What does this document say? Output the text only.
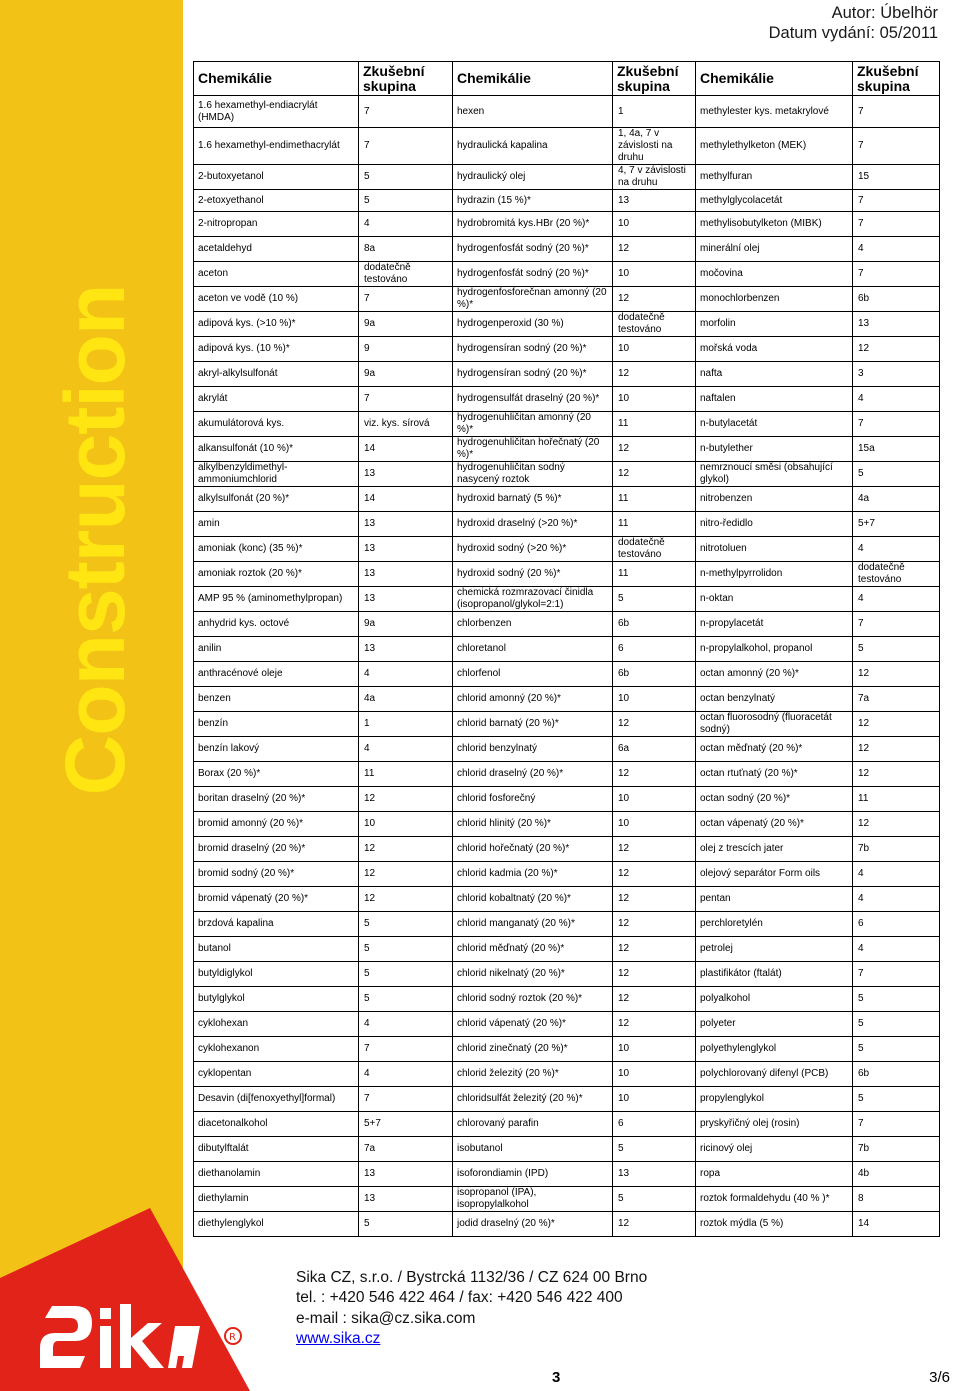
Construction
R
Autor: Úbelhör
Datum vydání: 05/2011
Chemikálie	Zkušební skupina	Chemikálie	Zkušební skupina	Chemikálie	Zkušební skupina
1.6 hexamethyl-endiacrylát (HMDA)	7	hexen	1	methylester kys. metakrylové	7
1.6 hexamethyl-endimethacrylát	7	hydraulická kapalina	1, 4a, 7 v závislosti na druhu	methylethylketon (MEK)	7
2-butoxyetanol	5	hydraulický olej	4, 7 v závislosti na druhu	methylfuran	15
2-etoxyethanol	5	hydrazin (15 %)*	13	methylglycolacetát	7
2-nitropropan	4	hydrobromitá kys.HBr (20 %)*	10	methylisobutylketon (MIBK)	7
acetaldehyd	8a	hydrogenfosfát sodný (20 %)*	12	minerální olej	4
aceton	dodatečně testováno	hydrogenfosfát sodný (20 %)*	10	močovina	7
aceton ve vodě (10 %)	7	hydrogenfosforečnan amonný (20 %)*	12	monochlorbenzen	6b
adipová kys. (>10 %)*	9a	hydrogenperoxid (30 %)	dodatečně testováno	morfolin	13
adipová kys. (10 %)*	9	hydrogensíran sodný (20 %)*	10	mořská voda	12
akryl-alkylsulfonát	9a	hydrogensíran sodný (20 %)*	12	nafta	3
akrylát	7	hydrogensulfát draselný (20 %)*	10	naftalen	4
akumulátorová kys.	viz. kys. sírová	hydrogenuhličitan amonný (20 %)*	11	n-butylacetát	7
alkansulfonát (10 %)*	14	hydrogenuhličitan hořečnatý (20 %)*	12	n-butylether	15a
alkylbenzyldimethyl-ammoniumchlorid	13	hydrogenuhličitan sodný nasycený roztok	12	nemrznoucí směsi (obsahující glykol)	5
alkylsulfonát (20 %)*	14	hydroxid barnatý (5 %)*	11	nitrobenzen	4a
amin	13	hydroxid draselný (>20 %)*	11	nitro-ředidlo	5+7
amoniak (konc) (35 %)*	13	hydroxid sodný (>20 %)*	dodatečně testováno	nitrotoluen	4
amoniak roztok (20 %)*	13	hydroxid sodný (20 %)*	11	n-methylpyrrolidon	dodatečně testováno
AMP 95 % (aminomethylpropan)	13	chemická rozmrazovací činidla (isopropanol/glykol=2:1)	5	n-oktan	4
anhydrid kys. octové	9a	chlorbenzen	6b	n-propylacetát	7
anilin	13	chloretanol	6	n-propylalkohol, propanol	5
anthracénové oleje	4	chlorfenol	6b	octan amonný (20 %)*	12
benzen	4a	chlorid amonný (20 %)*	10	octan benzylnatý	7a
benzín	1	chlorid barnatý (20 %)*	12	octan fluorosodný (fluoracetát sodný)	12
benzín lakový	4	chlorid benzylnatý	6a	octan měďnatý (20 %)*	12
Borax (20 %)*	11	chlorid draselný (20 %)*	12	octan rtuťnatý (20 %)*	12
boritan draselný (20 %)*	12	chlorid fosforečný	10	octan sodný (20 %)*	11
bromid amonný (20 %)*	10	chlorid hlinitý (20 %)*	10	octan vápenatý (20 %)*	12
bromid draselný (20 %)*	12	chlorid hořečnatý (20 %)*	12	olej z trescích jater	7b
bromid sodný (20 %)*	12	chlorid kadmia (20 %)*	12	olejový separátor Form oils	4
bromid vápenatý (20 %)*	12	chlorid kobaltnatý (20 %)*	12	pentan	4
brzdová kapalina	5	chlorid manganatý (20 %)*	12	perchloretylén	6
butanol	5	chlorid měďnatý (20 %)*	12	petrolej	4
butyldiglykol	5	chlorid nikelnatý (20 %)*	12	plastifikátor (ftalát)	7
butylglykol	5	chlorid sodný roztok (20 %)*	12	polyalkohol	5
cyklohexan	4	chlorid vápenatý (20 %)*	12	polyeter	5
cyklohexanon	7	chlorid zinečnatý (20 %)*	10	polyethylenglykol	5
cyklopentan	4	chlorid železitý (20 %)*	10	polychlorovaný difenyl (PCB)	6b
Desavin (di[fenoxyethyl]formal)	7	chloridsulfát železitý (20 %)*	10	propylenglykol	5
diacetonalkohol	5+7	chlorovaný parafin	6	pryskyřičný olej (rosin)	7
dibutylftalát	7a	isobutanol	5	ricinový olej	7b
diethanolamin	13	isoforondiamin (IPD)	13	ropa	4b
diethylamin	13	isopropanol (IPA), isopropylalkohol	5	roztok formaldehydu (40 % )*	8
diethylenglykol	5	jodid draselný (20 %)*	12	roztok mýdla (5 %)	14
Sika CZ, s.r.o. / Bystrcká 1132/36 / CZ 624 00 Brno
tel. : +420 546 422 464 / fax: +420 546 422 400
e-mail : sika@cz.sika.com
www.sika.cz
3	3/6
